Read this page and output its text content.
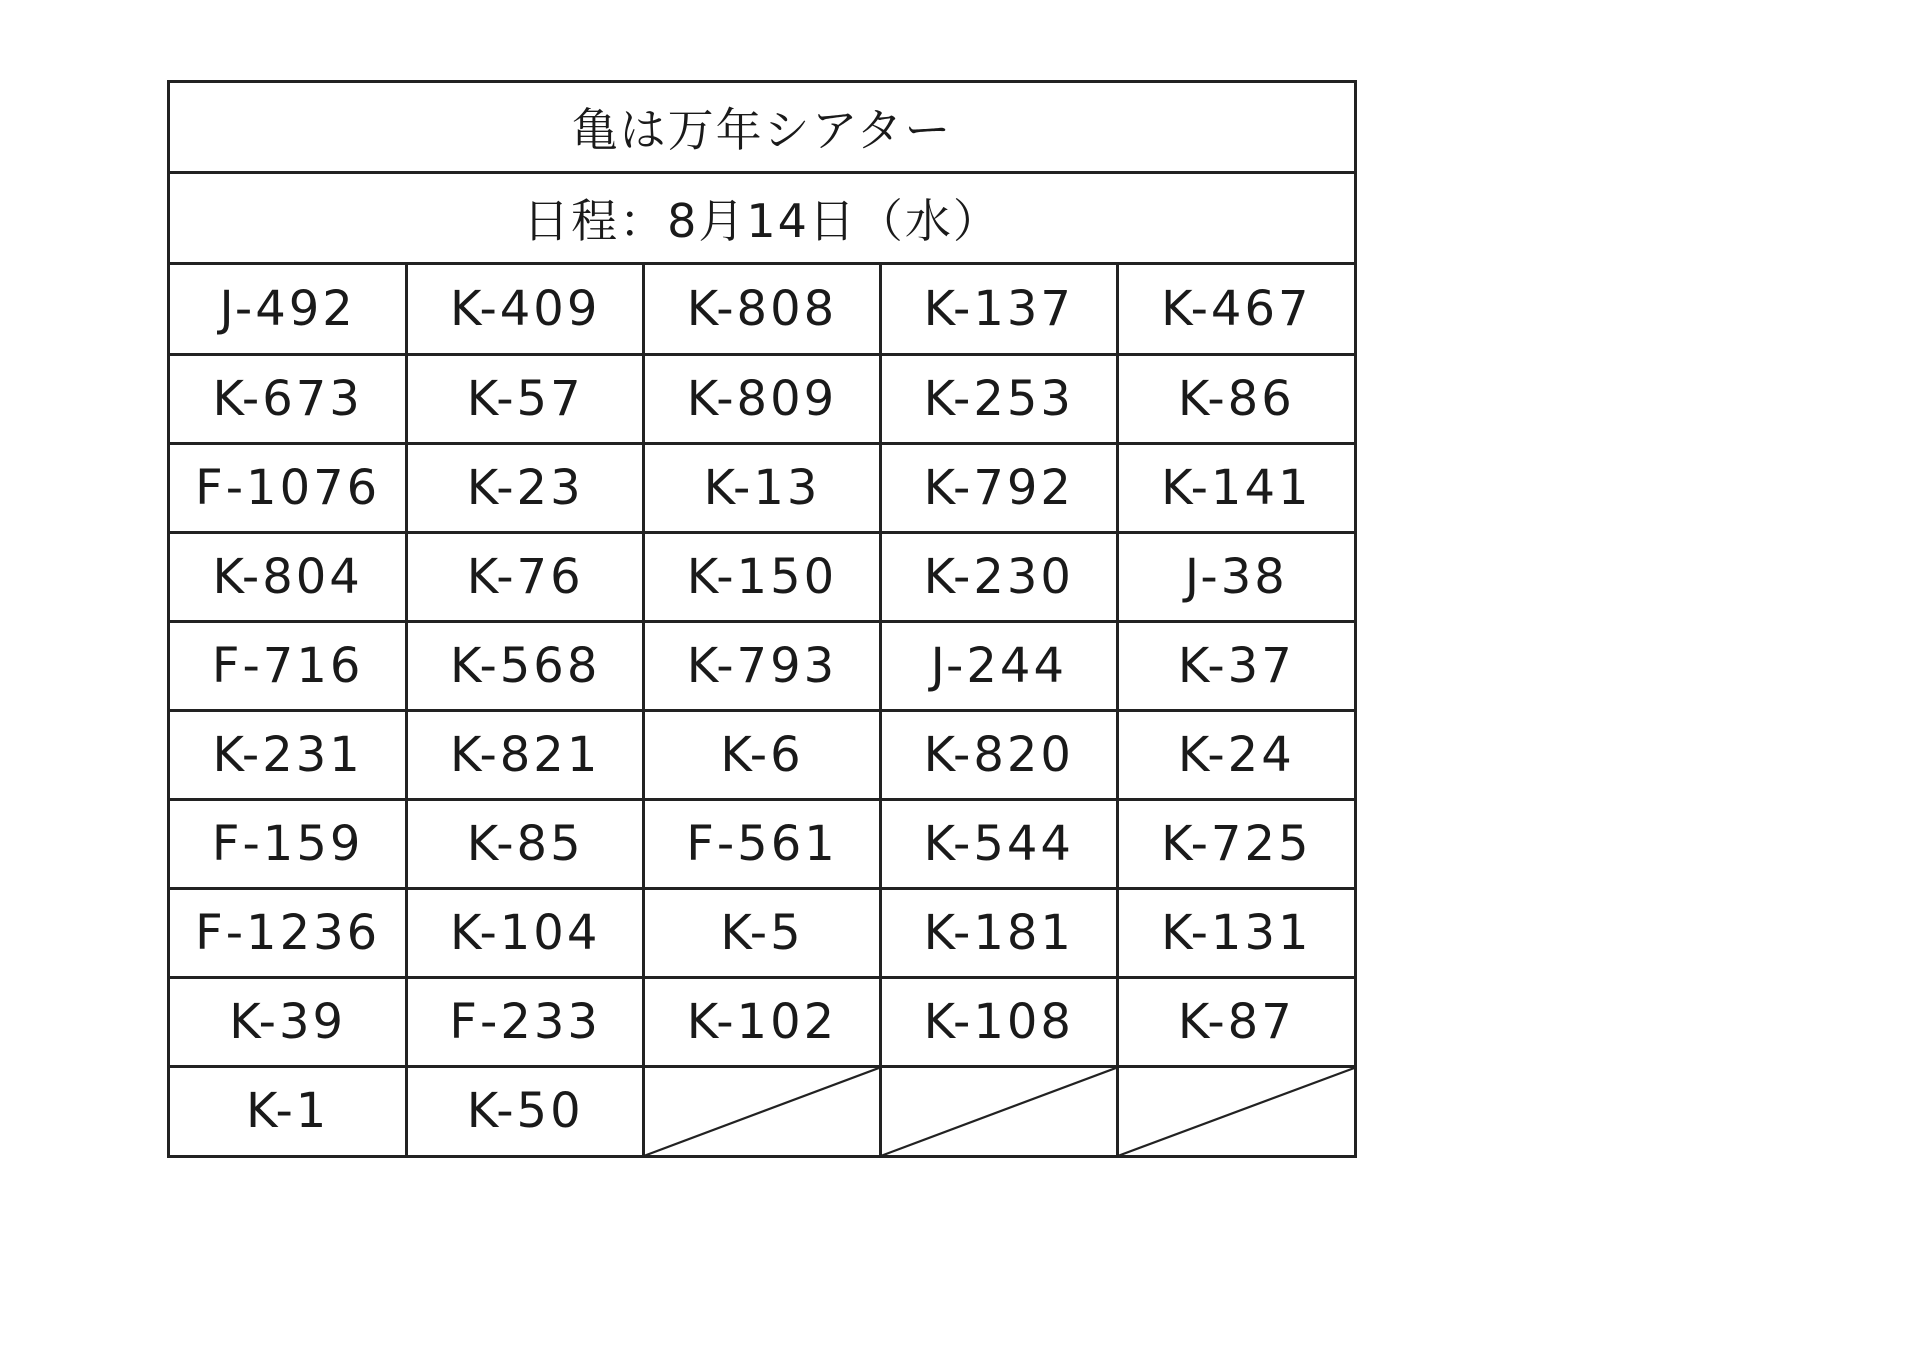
亀は万年シアター
日程：8月14日（水）
J-492	K-409	K-808	K-137	K-467
K-673	K-57	K-809	K-253	K-86
F-1076	K-23	K-13	K-792	K-141
K-804	K-76	K-150	K-230	J-38
F-716	K-568	K-793	J-244	K-37
K-231	K-821	K-6	K-820	K-24
F-159	K-85	F-561	K-544	K-725
F-1236	K-104	K-5	K-181	K-131
K-39	F-233	K-102	K-108	K-87
K-1	K-50	
